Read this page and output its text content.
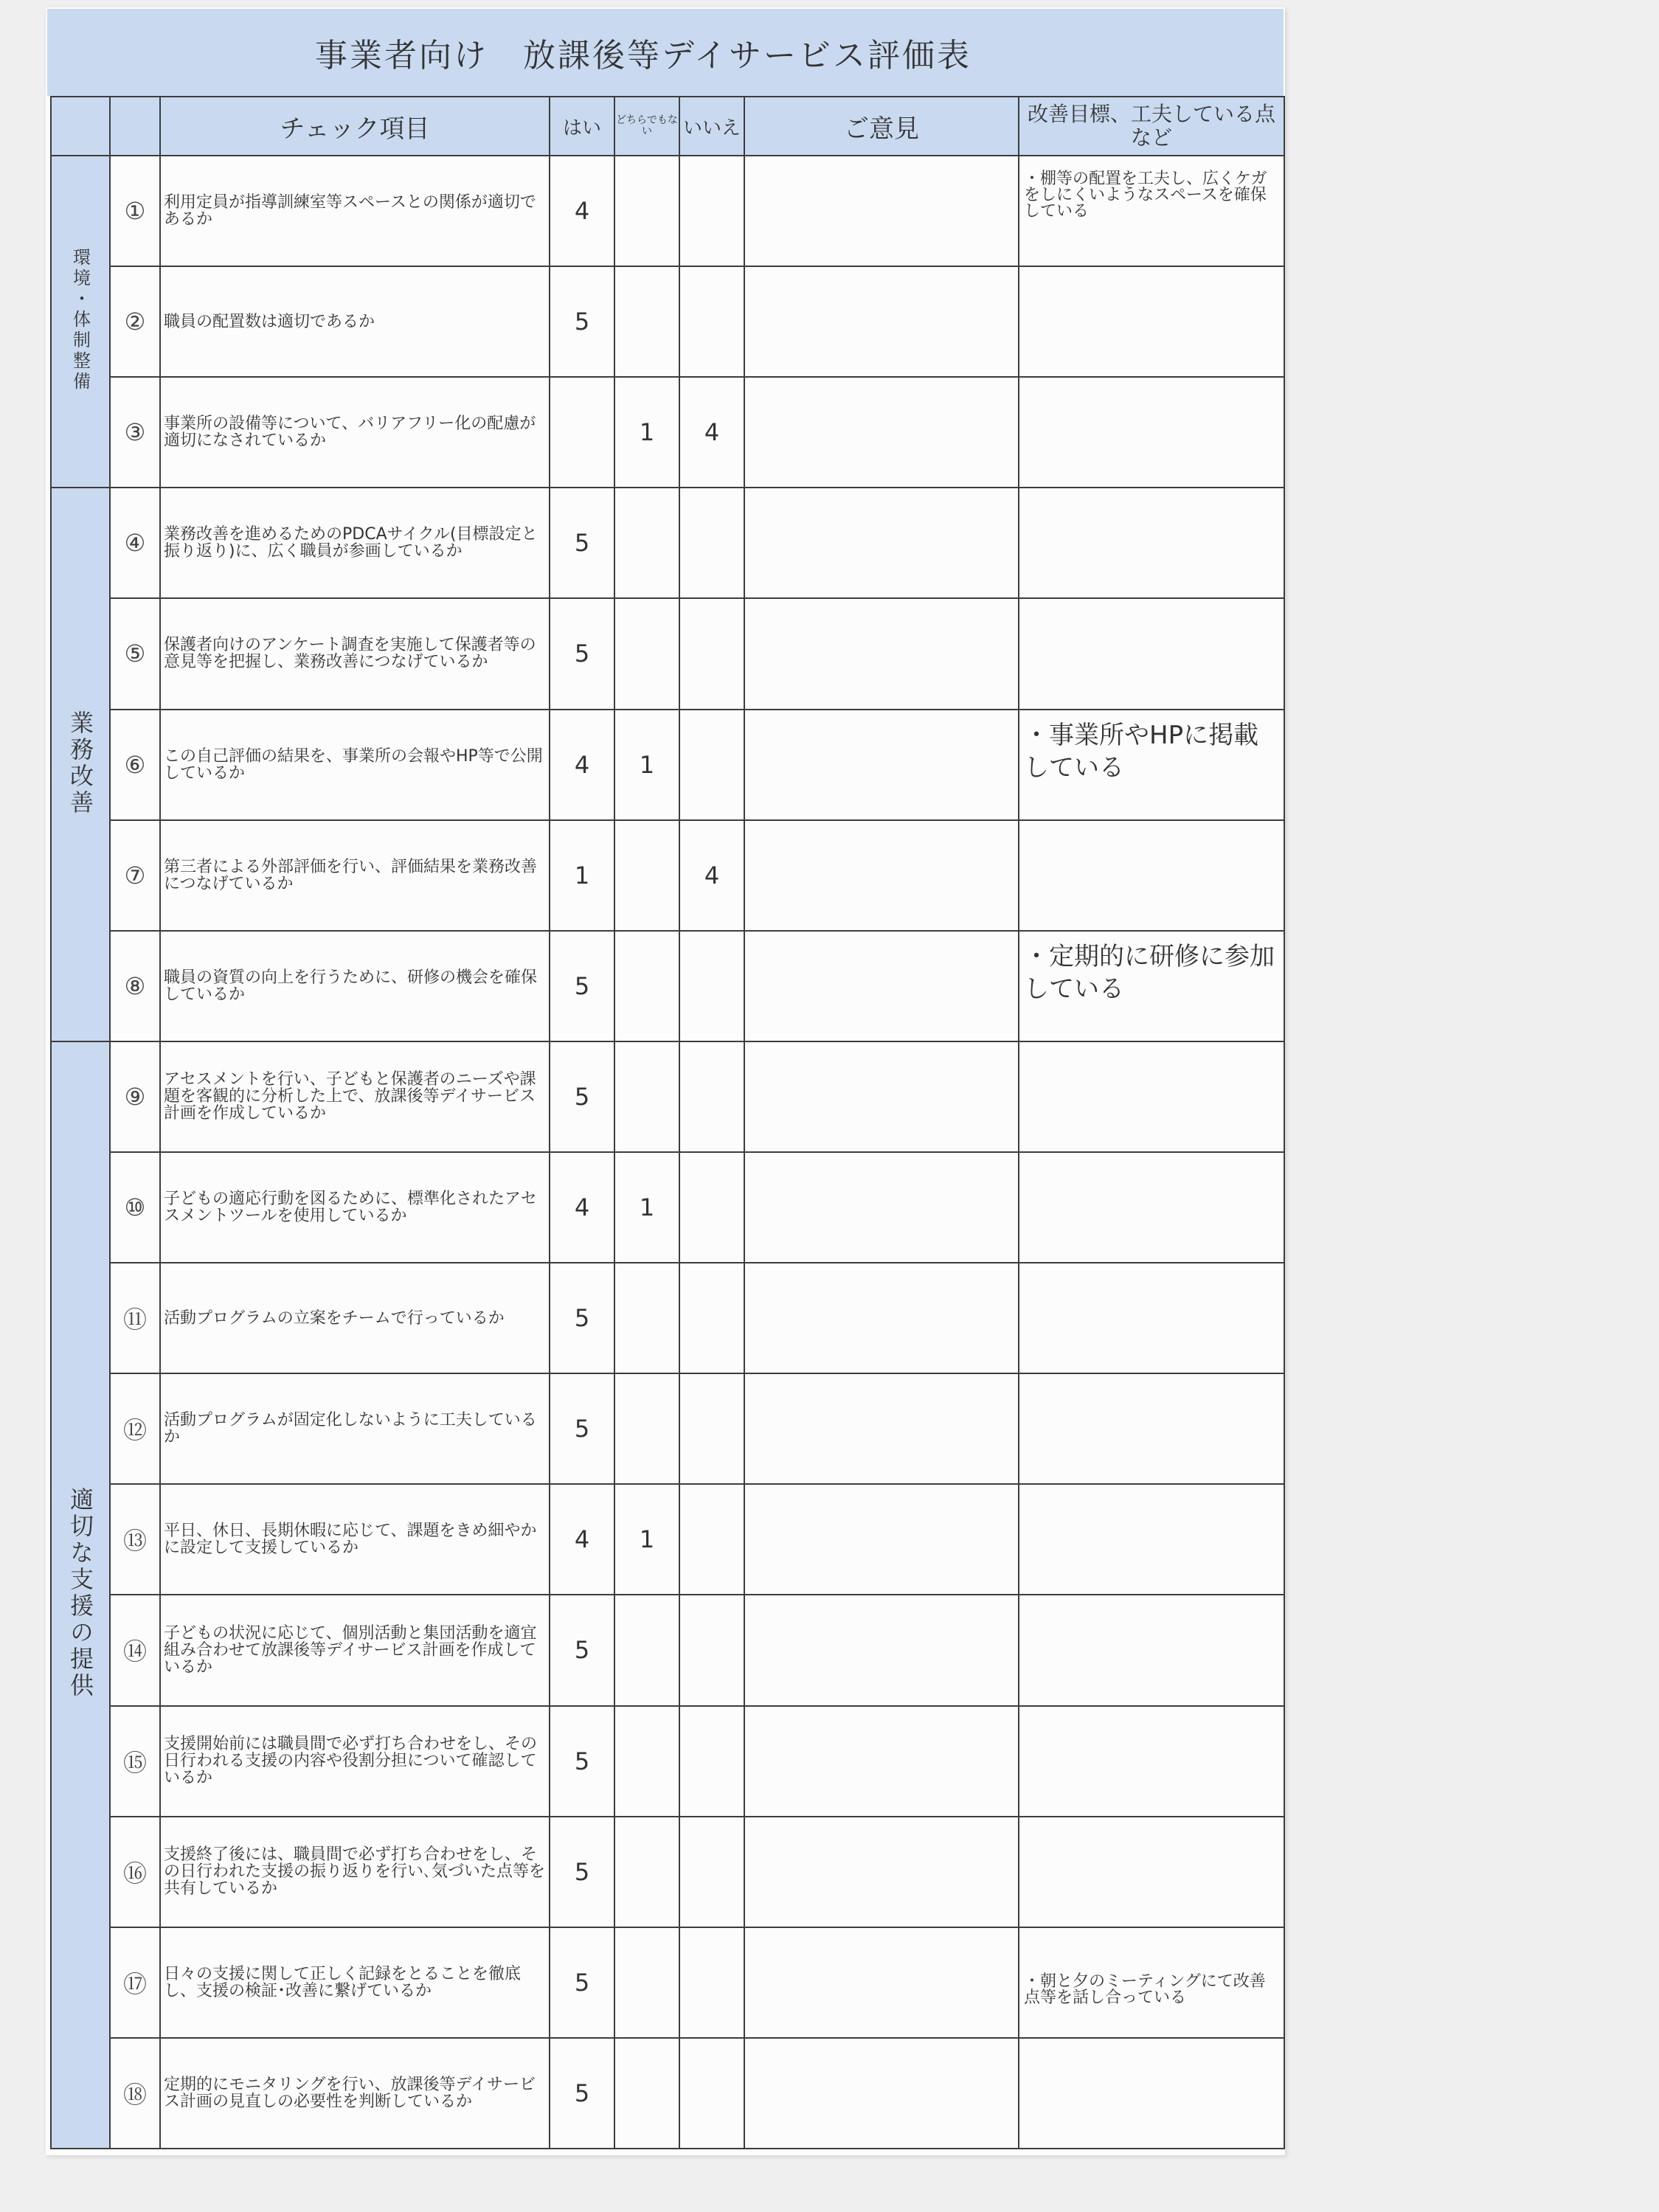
事業者向け　放課後等デイサービス評価表
		チェック項目	はい	どちらでもない	いいえ	ご意見	改善目標、工夫している点など
環境・体制整備	①	利用定員が指導訓練室等スペースとの関係が適切であるか	4				・棚等の配置を工夫し、広くケガをしにくいようなスペースを確保している
	②	職員の配置数は適切であるか	5				
	③	事業所の設備等について、バリアフリー化の配慮が適切になされているか		1	4		
業務改善	④	業務改善を進めるためのPDCAサイクル(目標設定と振り返り)に、広く職員が参画しているか	5				
	⑤	保護者向けのアンケート調査を実施して保護者等の意見等を把握し、業務改善につなげているか	5				
	⑥	この自己評価の結果を、事業所の会報やHP等で公開しているか	4	1			・事業所やHPに掲載している
	⑦	第三者による外部評価を行い、評価結果を業務改善につなげているか	1		4		
	⑧	職員の資質の向上を行うために、研修の機会を確保しているか	5				・定期的に研修に参加している
適切な支援の提供	⑨	アセスメントを行い、子どもと保護者のニーズや課題を客観的に分析した上で、放課後等デイサービス計画を作成しているか	5				
	⑩	子どもの適応行動を図るために、標準化されたアセスメントツールを使用しているか	4	1			
	⑪	活動プログラムの立案をチームで行っているか	5				
	⑫	活動プログラムが固定化しないように工夫しているか	5				
	⑬	平日、休日、長期休暇に応じて、課題をきめ細やかに設定して支援しているか	4	1			
	⑭	子どもの状況に応じて、個別活動と集団活動を適宜組み合わせて放課後等デイサービス計画を作成しているか	5				
	⑮	支援開始前には職員間で必ず打ち合わせをし、その日行われる支援の内容や役割分担について確認しているか	5				
	⑯	支援終了後には、職員間で必ず打ち合わせをし、その日行われた支援の振り返りを行い､気づいた点等を共有しているか	5				
	⑰	日々の支援に関して正しく記録をとることを徹底し、支援の検証･改善に繋げているか	5				・朝と夕のミーティングにて改善点等を話し合っている
	⑱	定期的にモニタリングを行い、放課後等デイサービス計画の見直しの必要性を判断しているか	5				
